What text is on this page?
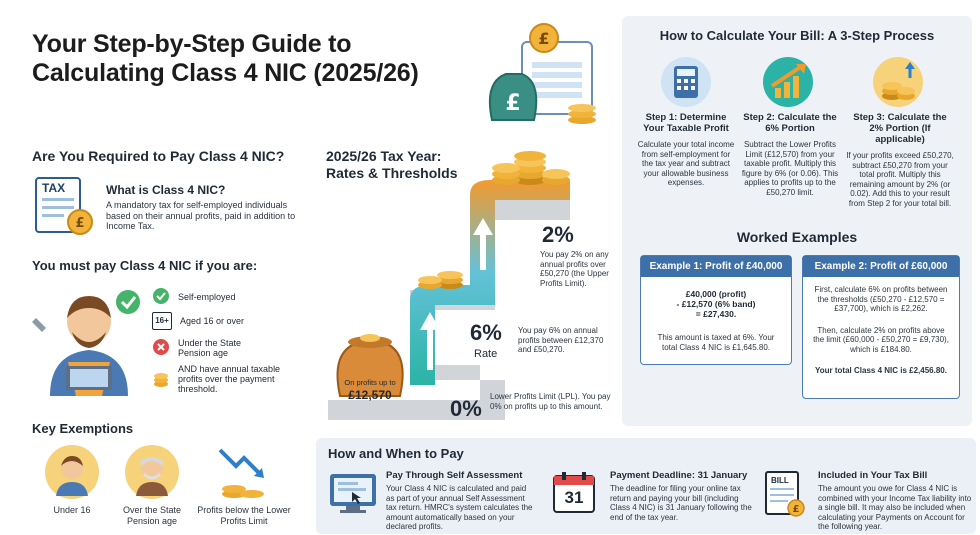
Your Step-by-Step Guide to
Calculating Class 4 NIC (2025/26)
£
£
Are You Required to Pay Class 4 NIC?
£
TAX	What is Class 4 NIC?
A mandatory tax for self-employed individuals based on their annual profits, paid in addition to Income Tax.
You must pay Class 4 NIC if you are:
Self-employed
16+	Aged 16 or over
Under the State Pension age
AND have annual taxable profits over the payment threshold.
Key Exemptions
Under 16	Over the State Pension age
Profits below the Lower Profits Limit
2025/26 Tax Year:
Rates & Thresholds
2%
You pay 2% on any annual profits over £50,270 (the Upper Profits Limit).
6%
Rate
You pay 6% on annual profits between £12,370 and £50,270.
0% Lower Profits Limit (LPL). You pay 0% on profits up to this amount.
On profits up to
£12,570
How to Calculate Your Bill: A 3-Step Process
Step 1: Determine Your Taxable Profit
Calculate your total income from self-employment for the tax year and subtract your allowable business expenses.
Step 2: Calculate the 6% Portion
Subtract the Lower Profits Limit (£12,570) from your taxable profit. Multiply this figure by 6% (or 0.06). This applies to profits up to the £50,270 limit.
Step 3: Calculate the 2% Portion (If applicable)
If your profits exceed £50,270, subtract £50,270 from your total profit. Multiply this remaining amount by 2% (or 0.02). Add this to your result from Step 2 for your total bill.
Worked Examples
Example 1: Profit of £40,000
£40,000 (profit)
- £12,570 (6% band)
= £27,430.
This amount is taxed at 6%. Your total Class 4 NIC is £1,645.80.
Example 2: Profit of £60,000
First, calculate 6% on profits between the thresholds (£50,270 - £12,570 = £37,700), which is £2,262.
Then, calculate 2% on profits above the limit (£60,000 - £50,270 = £9,730), which is £184.80.
Your total Class 4 NIC is £2,456.80.
How and When to Pay
Pay Through Self Assessment
Your Class 4 NIC is calculated and paid as part of your annual Self Assessment tax return. HMRC's system calculates the amount automatically based on your declared profits.
31
Payment Deadline: 31 January
The deadline for filing your online tax return and paying your bill (including Class 4 NIC) is 31 January following the end of the tax year.
£
BILL	Included in Your Tax Bill
The amount you owe for Class 4 NIC is combined with your Income Tax liability into a single bill. It may also be included when calculating your Payments on Account for the following year.
